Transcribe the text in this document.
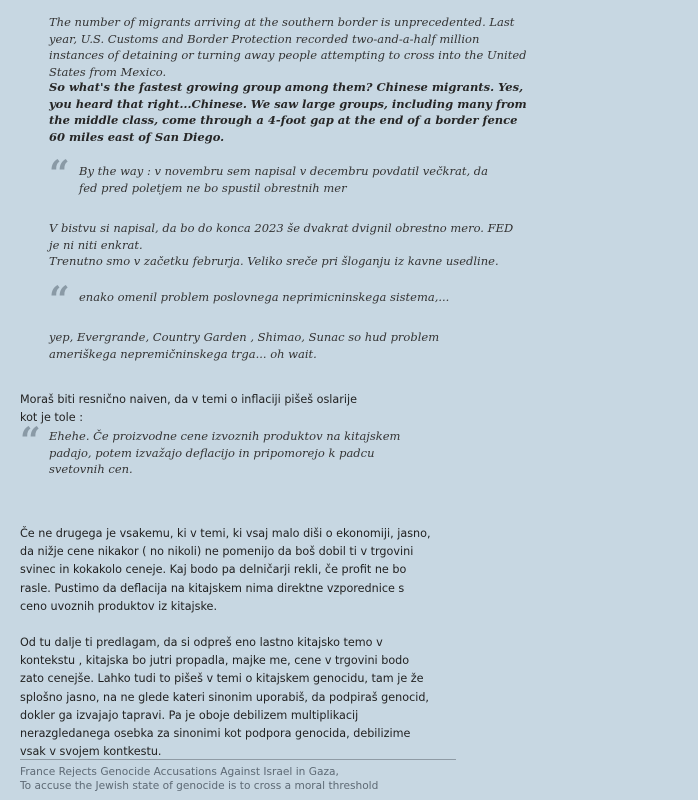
The number of migrants arriving at the southern border is unprecedented. Last year, U.S. Customs and Border Protection recorded two-and-a-half million instances of detaining or turning away people attempting to cross into the United States from Mexico.

So what's the fastest growing group among them? Chinese migrants. Yes, you heard that right...Chinese. We saw large groups, including many from the middle class, come through a 4-foot gap at the end of a border fence 60 miles east of San Diego.

“ By the way : v novembru sem napisal v decembru povdatil večkrat, da fed pred poletjem ne bo spustil obrestnih mer

V bistvu si napisal, da bo do konca 2023 še dvakrat dvignil obrestno mero. FED je ni niti enkrat.

Trenutno smo v začetku februrja. Veliko sreče pri šloganju iz kavne usedline.

“ enako omenil problem poslovnega neprimicninskega sistema,...

yep, Evergrande, Country Garden , Shimao, Sunac so hud problem ameriškega nepremičninskega trga... oh wait.

Moraš biti resnično naiven, da v temi o inflaciji pišeš oslarije kot je tole :

“ Ehehe. Če proizvodne cene izvoznih produktov na kitajskem padajo, potem izvažajo deflacijo in pripomorejo k padcu svetovnih cen.

Če ne drugega je vsakemu, ki v temi, ki vsaj malo diši o ekonomiji, jasno, da nižje cene nikakor ( no nikoli) ne pomenijo da boš dobil ti v trgovini svinec in kokakolo ceneje. Kaj bodo pa delničarji rekli, če profit ne bo rasle. Pustimo da deflacija na kitajskem nima direktne vzporednice s ceno uvoznih produktov iz kitajske.

Od tu dalje ti predlagam, da si odpreš eno lastno kitajsko temo v kontekstu , kitajska bo jutri propadla, majke me, cene v trgovini bodo zato cenejše. Lahko tudi to pišeš v temi o kitajskem genocidu, tam je že splošno jasno, na ne glede kateri sinonim uporabiš, da podpiraš genocid, dokler ga izvajajo tapravi. Pa je oboje debilizem multiplikacij nerazgledanega osebka za sinonimi kot podpora genocida, debilizime vsak v svojem kontkestu.

France Rejects Genocide Accusations Against Israel in Gaza,
To accuse the Jewish state of genocide is to cross a moral threshold
